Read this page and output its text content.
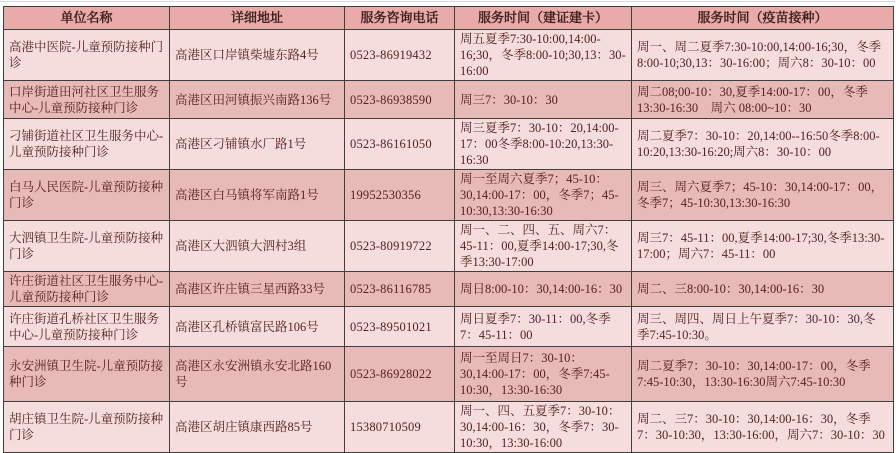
单位名称	详细地址	服务咨询电话	服务时间（建证建卡）	服务时间（疫苗接种）
高港中医院-儿童预防接种门诊	高港区口岸镇柴墟东路4号	0523-86919432	周五夏季7:30-10:00,14:00-16;30，冬季8:00-10;30,13：30-16:00	周一、周二夏季7:30-10:00,14:00-16;30，冬季8:00-10;30,13：30-16:00；周六8：30-10：00
口岸街道田河社区卫生服务中心-儿童预防接种门诊	高港区田河镇振兴南路136号	0523-86938590	周三7：30-10：30	周二08;00-10：30,夏季14:00-17：00，冬季13:30-16:30　周六 08:00~10：30
刁铺街道社区卫生服务中心-儿童预防接种门诊	高港区刁铺镇水厂路1号	0523-86161050	周三夏季7：30-10：20,14:00-17：00冬季8:00-10:20,13:30-16:30	周二夏季7：30-10：20,14:00--16:50冬季8:00-10:20,13:30-16:20;周六8：30-10：00
白马人民医院-儿童预防接种门诊	高港区白马镇将军南路1号	19952530356	周一至周六夏季7；45-10：30,14:00-17：00，冬季7；45-10:30,13:30-16:30	周三、周六夏季7；45-10：30,14:00-17：00，冬季7；45-10:30,13:30-16:30
大泗镇卫生院-儿童预防接种门诊	高港区大泗镇大泗村3组	0523-80919722	周一、二、四、五、周六7：45-11：00,夏季14:00-17;30,冬季13:30-17:00	周三7：45-11：00,夏季14:00-17;30,冬季13:30-17:00；周六7：45-11：00
许庄街道社区卫生服务中心-儿童预防接种门诊	高港区许庄镇三星西路33号	0523-86116785	周日8:00-10：30,14:00-16：30	周二、三8:00-10：30,14:00-16：30
许庄街道孔桥社区卫生服务中心-儿童预防接种门诊	高港区孔桥镇富民路106号	0523-89501021	周日夏季7：30-11：00,冬季7：45-11：00	周三、周四、周日上午夏季7：30-10：30,冬季7:45-10:30。
永安洲镇卫生院-儿童预防接种门诊	高港区永安洲镇永安北路160号	0523-86928022	周一至周日7：30-10：30,14:00-17：00，冬季7:45-10:30，13:30-16:30	周二夏季7：30-10：30,14:00-17：00，冬季7:45-10:30，13:30-16:30周六7:45-10:30
胡庄镇卫生院-儿童预防接种门诊	高港区胡庄镇康西路85号	15380710509	周一、四、五夏季7：30-10：30,14:00-16：30，冬季7：30-10:30，13:30-16:00	周二、三7：30-10：30,14:00-16：30，冬季7：30-10:30，13:30-16:00，周六7：30-10：30
